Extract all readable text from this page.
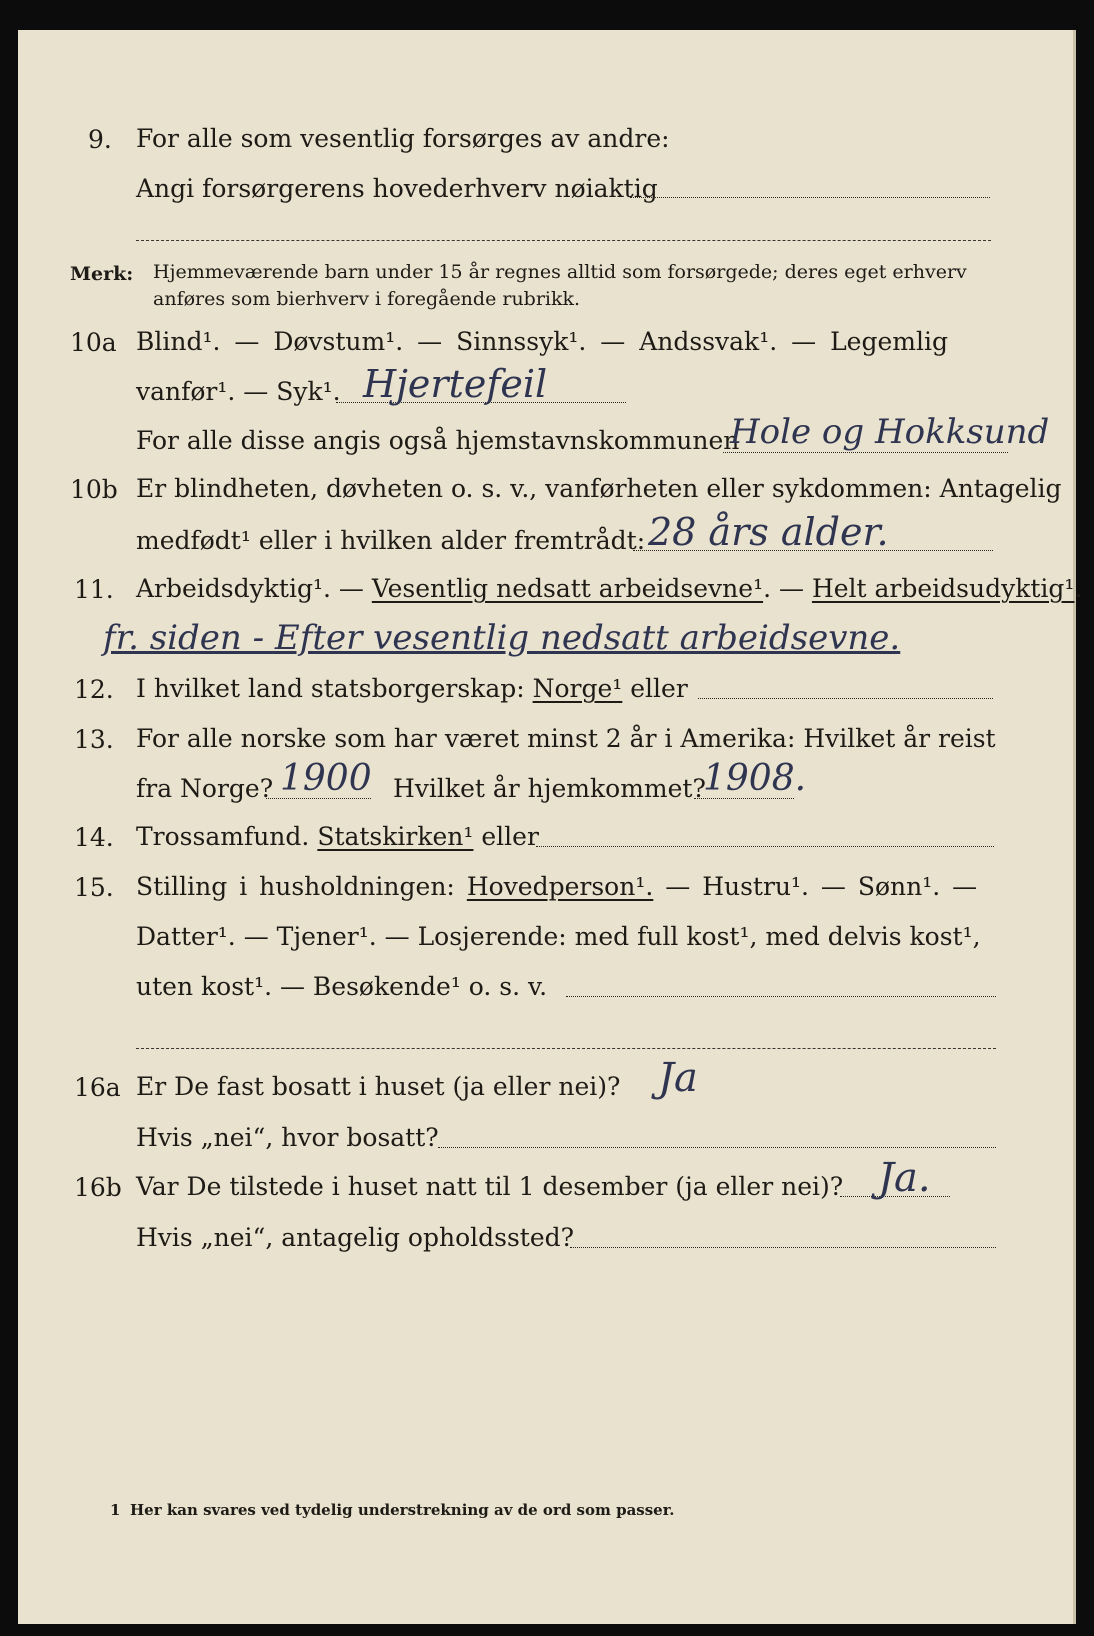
9. For alle som vesentlig forsørges av andre:
Angi forsørgerens hovederhverv nøiaktig
Merk: Hjemmeværende barn under 15 år regnes alltid som forsørgede; deres eget erhverv
anføres som bierhverv i foregående rubrikk.
10a Blind¹. — Døvstum¹. — Sinnssyk¹. — Andssvak¹. — Legemlig
vanfør¹. — Syk¹. Hjertefeil
For alle disse angis også hjemstavnskommunen
Hole og Hokksund
10b Er blindheten, døvheten o. s. v., vanførheten eller sykdommen: Antagelig
medfødt¹ eller i hvilken alder fremtrådt: 28 års alder.
11. Arbeidsdyktig¹. — Vesentlig nedsatt arbeidsevne¹. — Helt arbeidsudyktig¹.
fr. siden - Efter vesentlig nedsatt arbeidsevne.
12. I hvilket land statsborgerskap: Norge¹ eller
13. For alle norske som har været minst 2 år i Amerika: Hvilket år reist
fra Norge? 1900 Hvilket år hjemkommet?
1908.
14. Trossamfund. Statskirken¹ eller
15. Stilling i husholdningen: Hovedperson¹. — Hustru¹. — Sønn¹. —
Datter¹. — Tjener¹. — Losjerende: med full kost¹, med delvis kost¹,
uten kost¹. — Besøkende¹ o. s. v.
16a Er De fast bosatt i huset (ja eller nei)? Ja
Hvis „nei“, hvor bosatt?
16b Var De tilstede i huset natt til 1 desember (ja eller nei)? Ja.
Hvis „nei“, antagelig opholdssted?
1 Her kan svares ved tydelig understrekning av de ord som passer.
